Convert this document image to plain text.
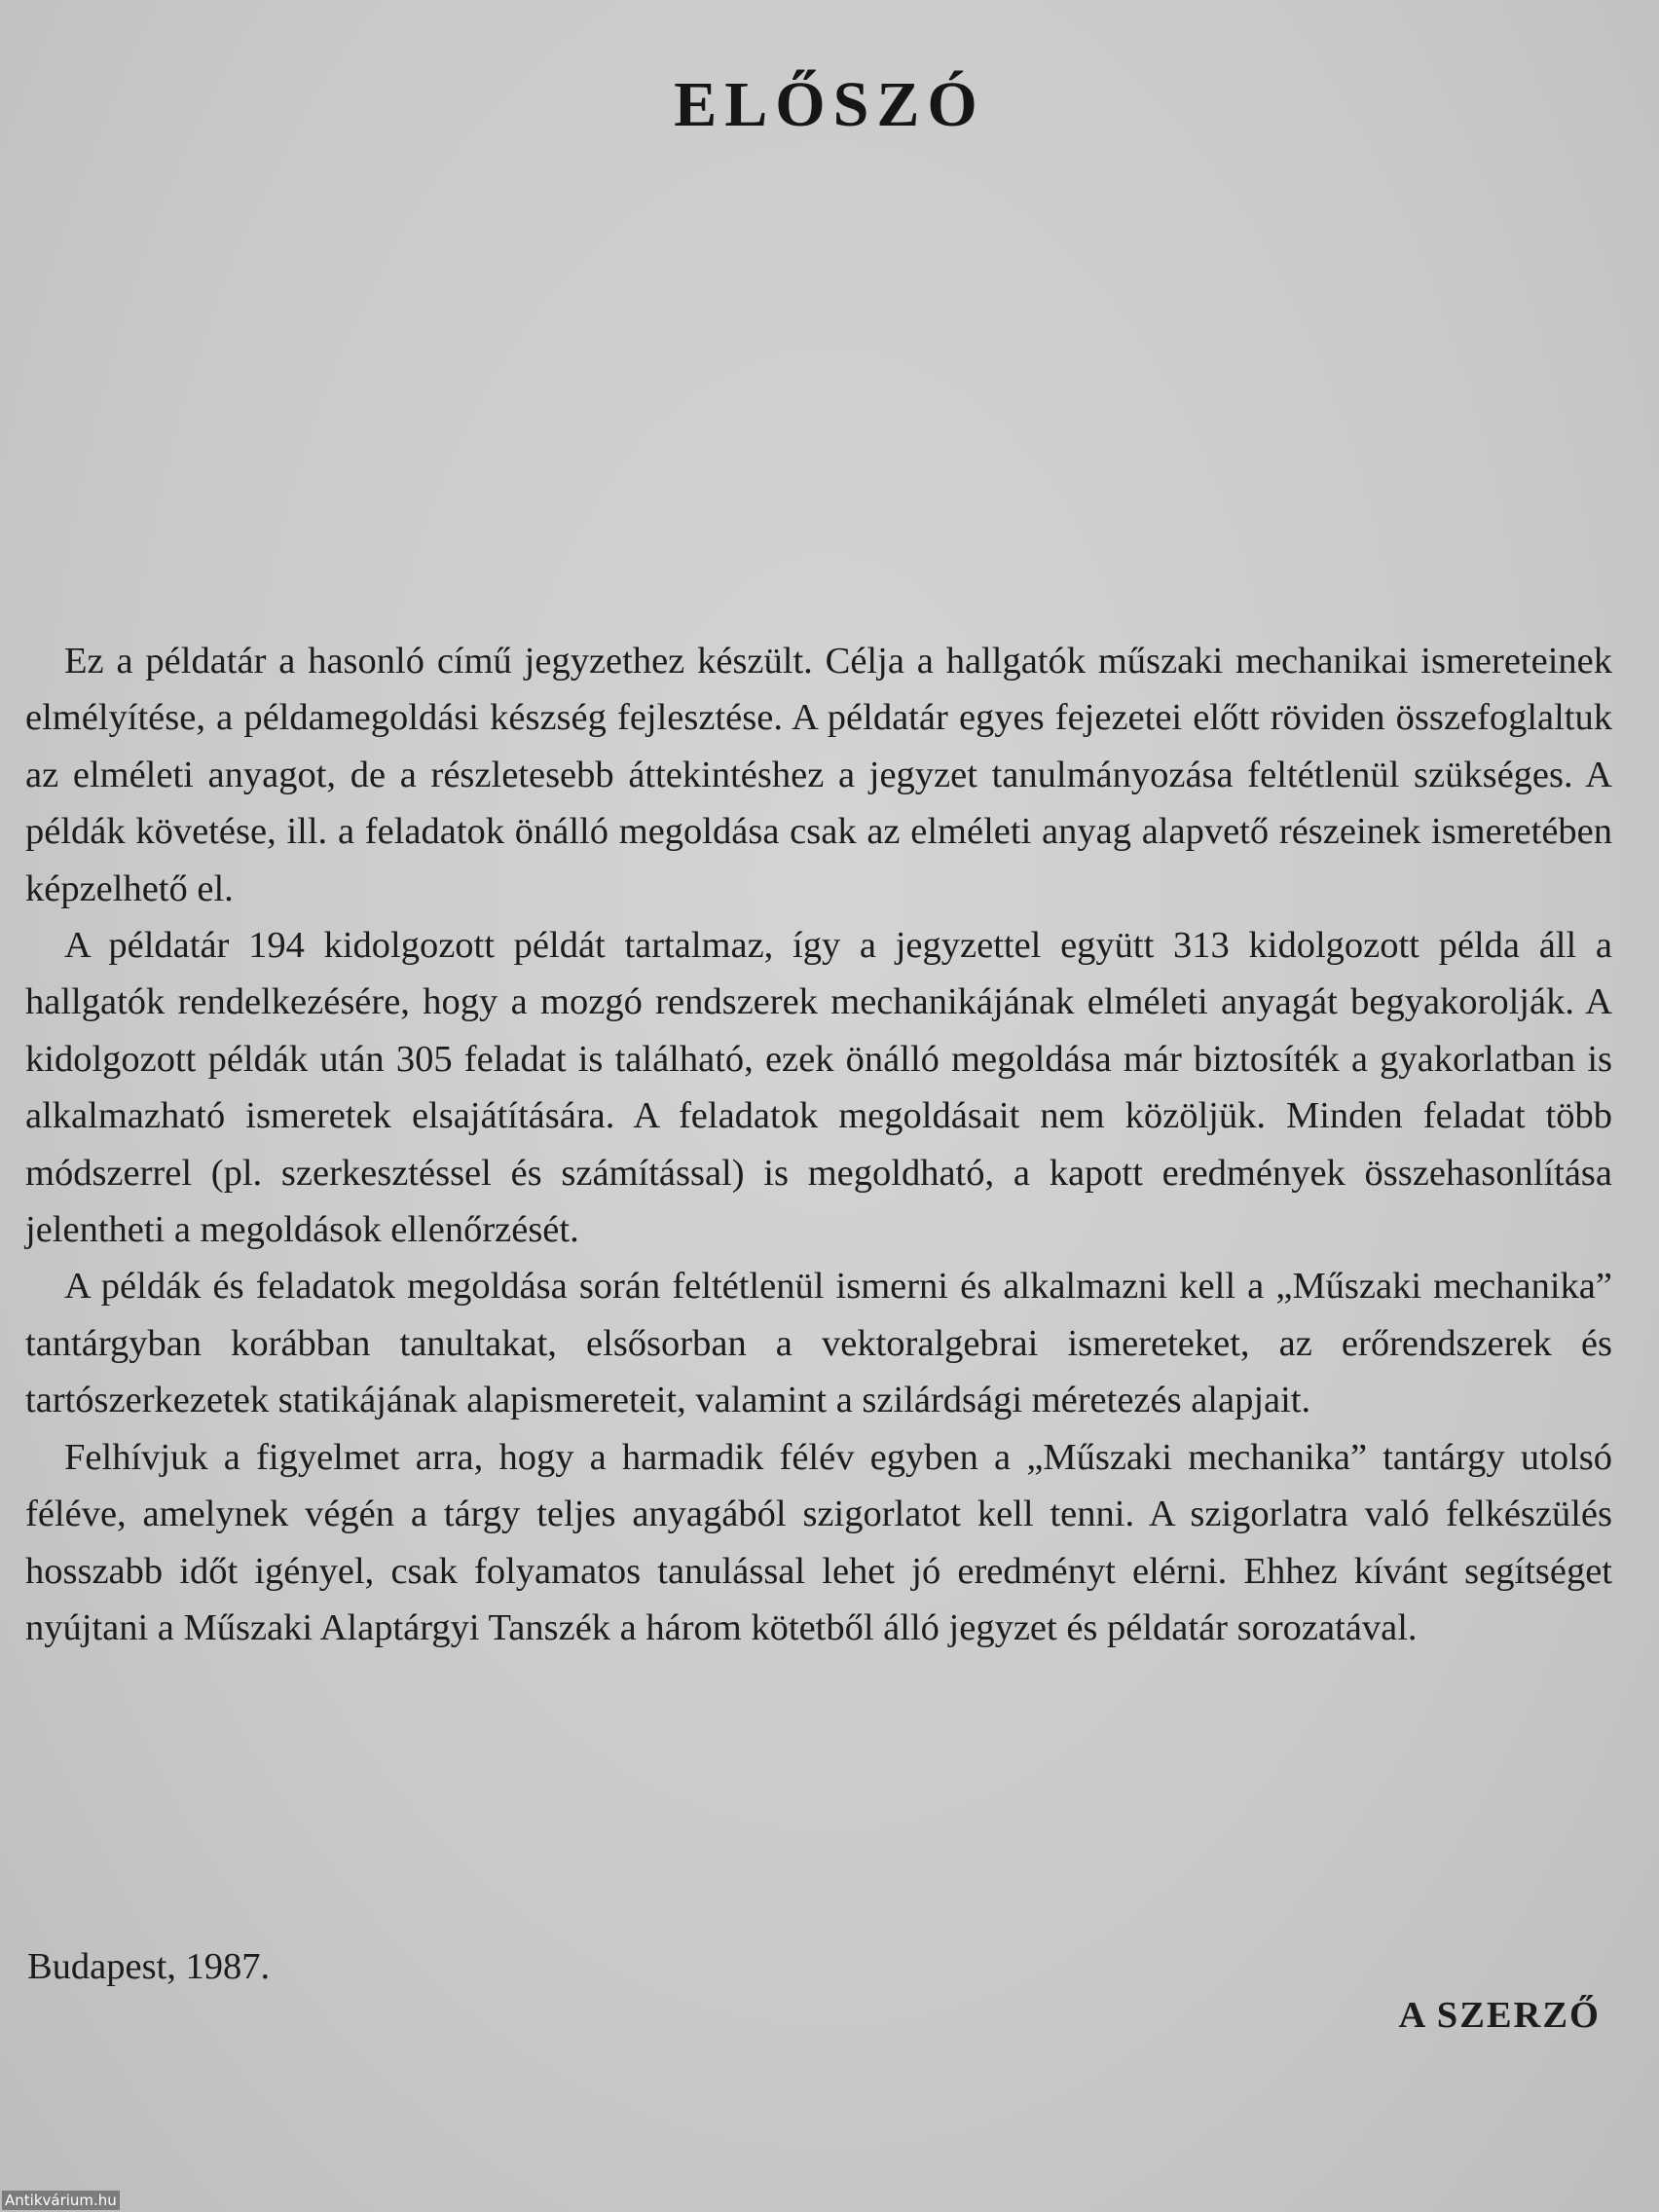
ELŐSZÓ

Ez a példatár a hasonló című jegyzethez készült. Célja a hallgatók műszaki mechanikai ismereteinek elmélyítése, a példamegoldási készség fejlesztése. A példatár egyes fejezetei előtt röviden összefoglaltuk az elméleti anyagot, de a részletesebb áttekintéshez a jegyzet tanulmányozása feltétlenül szükséges. A példák követése, ill. a feladatok önálló megoldása csak az elméleti anyag alapvető részeinek ismeretében képzelhető el.

A példatár 194 kidolgozott példát tartalmaz, így a jegyzettel együtt 313 kidolgozott példa áll a hallgatók rendelkezésére, hogy a mozgó rendszerek mechanikájának elméleti anyagát begyakorolják. A kidolgozott példák után 305 feladat is található, ezek önálló megoldása már biztosíték a gyakorlatban is alkalmazható ismeretek elsajátítására. A feladatok megoldásait nem közöljük. Minden feladat több módszerrel (pl. szerkesztéssel és számítással) is megoldható, a kapott eredmények összehasonlítása jelentheti a megoldások ellenőrzését.

A példák és feladatok megoldása során feltétlenül ismerni és alkalmazni kell a „Műszaki mechanika” tantárgyban korábban tanultakat, elsősorban a vektoralgebrai ismereteket, az erőrendszerek és tartószerkezetek statikájának alapismereteit, valamint a szilárdsági méretezés alapjait.

Felhívjuk a figyelmet arra, hogy a harmadik félév egyben a „Műszaki mechanika” tantárgy utolsó féléve, amelynek végén a tárgy teljes anyagából szigorlatot kell tenni. A szigorlatra való felkészülés hosszabb időt igényel, csak folyamatos tanulással lehet jó eredményt elérni. Ehhez kívánt segítséget nyújtani a Műszaki Alaptárgyi Tanszék a három kötetből álló jegyzet és példatár sorozatával.

Budapest, 1987.

A SZERZŐ

Antikvárium.hu
